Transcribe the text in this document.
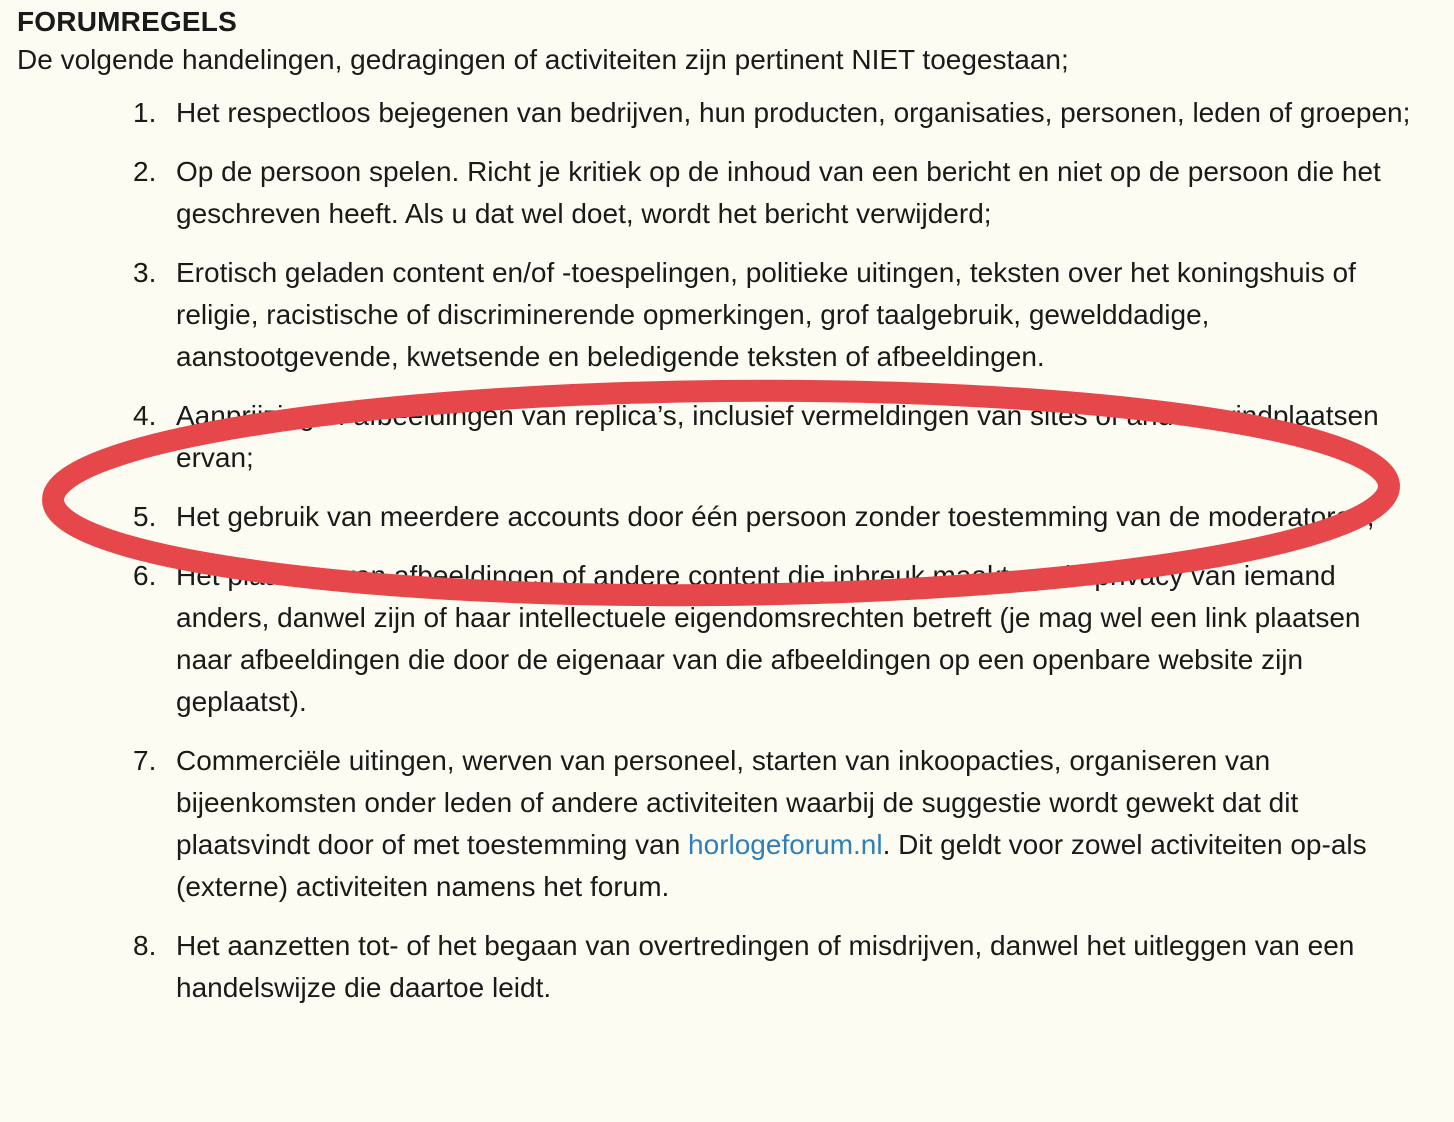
FORUMREGELS

De volgende handelingen, gedragingen of activiteiten zijn pertinent NIET toegestaan;

1. Het respectloos bejegenen van bedrijven, hun producten, organisaties, personen, leden of groepen;
2. Op de persoon spelen. Richt je kritiek op de inhoud van een bericht en niet op de persoon die het geschreven heeft. Als u dat wel doet, wordt het bericht verwijderd;
3. Erotisch geladen content en/of -toespelingen, politieke uitingen, teksten over het koningshuis of religie, racistische of discriminerende opmerkingen, grof taalgebruik, gewelddadige, aanstootgevende, kwetsende en beledigende teksten of afbeeldingen.
4. Aanprijzing of afbeeldingen van replica’s, inclusief vermeldingen van sites of andere vindplaatsen ervan;
5. Het gebruik van meerdere accounts door één persoon zonder toestemming van de moderatoren;
6. Het plaatsen van afbeeldingen of andere content die inbreuk maakt op de privacy van iemand anders, danwel zijn of haar intellectuele eigendomsrechten betreft (je mag wel een link plaatsen naar afbeeldingen die door de eigenaar van die afbeeldingen op een openbare website zijn geplaatst).
7. Commerciële uitingen, werven van personeel, starten van inkoopacties, organiseren van bijeenkomsten onder leden of andere activiteiten waarbij de suggestie wordt gewekt dat dit plaatsvindt door of met toestemming van horlogeforum.nl. Dit geldt voor zowel activiteiten op-als (externe) activiteiten namens het forum.
8. Het aanzetten tot- of het begaan van overtredingen of misdrijven, danwel het uitleggen van een handelswijze die daartoe leidt.
